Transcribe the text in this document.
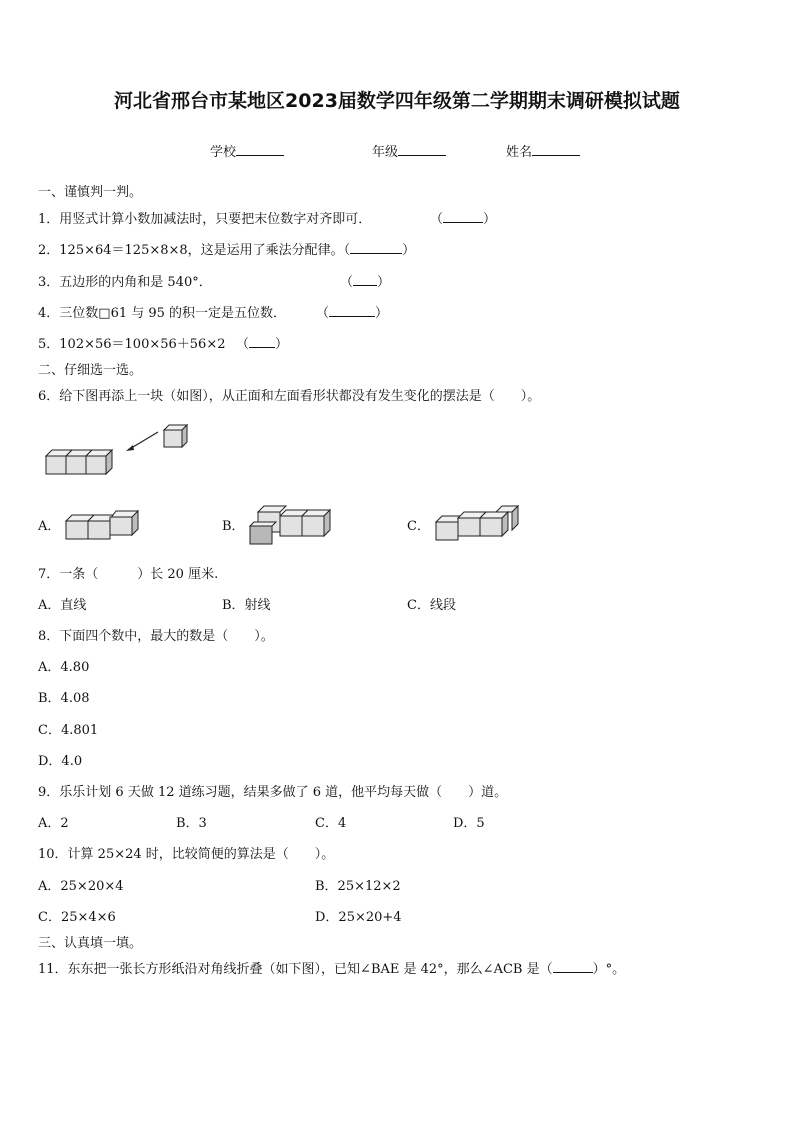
河北省邢台市某地区2023届数学四年级第二学期期末调研模拟试题
学校	年级	姓名
一、谨慎判一判。
1．用竖式计算小数加减法时，只要把末位数字对齐即可．	（	）
2．125×64＝125×8×8，这是运用了乘法分配律。（	）
3．五边形的内角和是 540°．	（ ）
4．三位数□61 与 95 的积一定是五位数． （	）
5．102×56＝100×56＋56×2 （ ）
二、仔细选一选。
6．给下图再添上一块（如图），从正面和左面看形状都没有发生变化的摆法是（　　）。
A．	B．	C．
7．一条（　　　）长 20 厘米.
A．直线	B．射线	C．线段
8．下面四个数中，最大的数是（　　）。
A．4.80
B．4.08
C．4.801
D．4.0
9．乐乐计划 6 天做 12 道练习题，结果多做了 6 道，他平均每天做（　　）道。
A．2	B．3	C．4	D．5
10．计算 25×24 时，比较简便的算法是（　　）。
A．25×20×4	B．25×12×2
C．25×4×6	D．25×20+4
三、认真填一填。
11．东东把一张长方形纸沿对角线折叠（如下图），已知∠BAE 是 42°，那么∠ACB 是（	）°。
